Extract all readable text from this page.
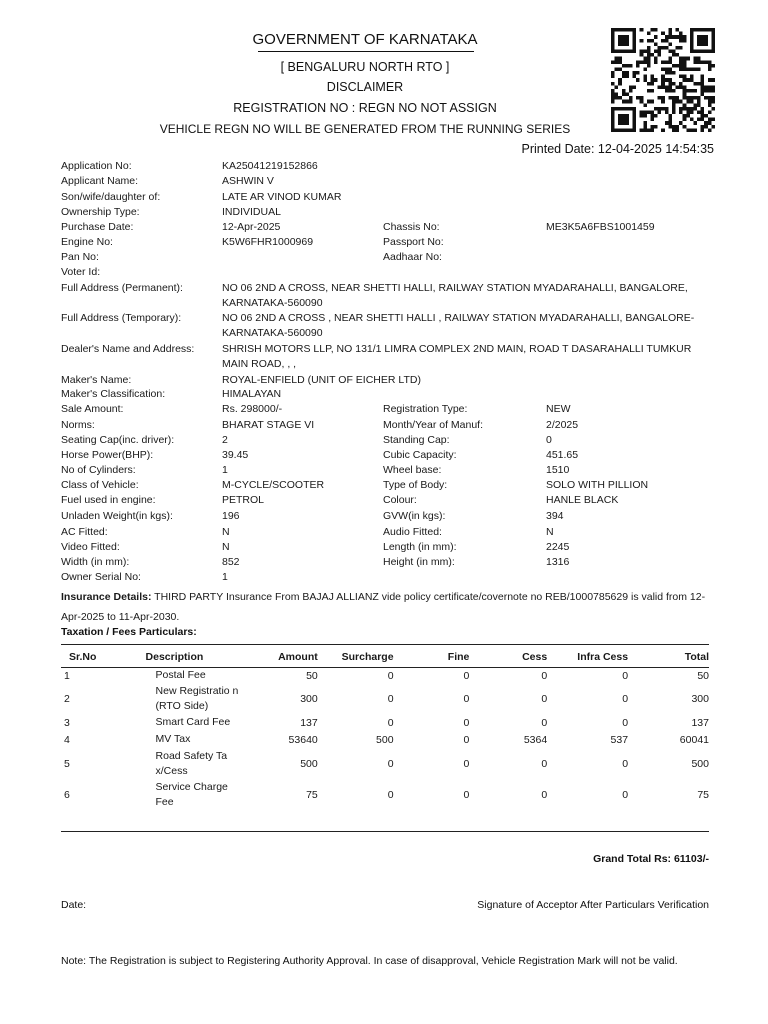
GOVERNMENT OF KARNATAKA
[ BENGALURU NORTH RTO ]
DISCLAIMER
REGISTRATION NO : REGN NO NOT ASSIGN
VEHICLE REGN NO WILL BE GENERATED FROM THE RUNNING SERIES
Printed Date: 12-04-2025 14:54:35
Application No:	KA25041219152866
Applicant Name:	ASHWIN V
Son/wife/daughter of:	LATE AR VINOD KUMAR
Ownership Type:	INDIVIDUAL
Purchase Date:	12-Apr-2025	Chassis No:	ME3K5A6FBS1001459
Engine No:	K5W6FHR1000969	Passport No:
Pan No:	Aadhaar No:
Voter Id:
Full Address (Permanent):	NO 06 2ND A CROSS, NEAR SHETTI HALLI, RAILWAY STATION MYADARAHALLI, BANGALORE, KARNATAKA-560090
Full Address (Temporary):	NO 06 2ND A CROSS , NEAR SHETTI HALLI , RAILWAY STATION MYADARAHALLI, BANGALORE-KARNATAKA-560090
Dealer's Name and Address:	SHRISH MOTORS LLP, NO 131/1 LIMRA COMPLEX 2ND MAIN, ROAD T DASARAHALLI TUMKUR MAIN ROAD, , ,
Maker's Name:	ROYAL-ENFIELD (UNIT OF EICHER LTD)
Maker's Classification:	HIMALAYAN
Sale Amount:	Rs. 298000/-	Registration Type:	NEW
Norms:	BHARAT STAGE VI	Month/Year of Manuf:	2/2025
Seating Cap(inc. driver):	2	Standing Cap:	0
Horse Power(BHP):	39.45	Cubic Capacity:	451.65
No of Cylinders:	1	Wheel base:	1510
Class of Vehicle:	M-CYCLE/SCOOTER	Type of Body:	SOLO WITH PILLION
Fuel used in engine:	PETROL	Colour:	HANLE BLACK
Unladen Weight(in kgs):	196	GVW(in kgs):	394
AC Fitted:	N	Audio Fitted:	N
Video Fitted:	N	Length (in mm):	2245
Width (in mm):	852	Height (in mm):	1316
Owner Serial No:	1
Insurance Details: THIRD PARTY Insurance From BAJAJ ALLIANZ vide policy certificate/covernote no REB/1000785629 is valid from 12-Apr-2025 to 11-Apr-2030.
Taxation / Fees Particulars:
Sr.No	Description	Amount	Surcharge	Fine	Cess	Infra Cess	Total
1	Postal Fee	50	0	0	0	0	50
2	New Registratio n (RTO Side)	300	0	0	0	0	300
3	Smart Card Fee	137	0	0	0	0	137
4	MV Tax	53640	500	0	5364	537	60041
5	Road Safety Ta x/Cess	500	0	0	0	0	500
6	Service Charge Fee	75	0	0	0	0	75
Grand Total Rs: 61103/-
Date:	Signature of Acceptor After Particulars Verification
Note: The Registration is subject to Registering Authority Approval. In case of disapproval, Vehicle Registration Mark will not be valid.
